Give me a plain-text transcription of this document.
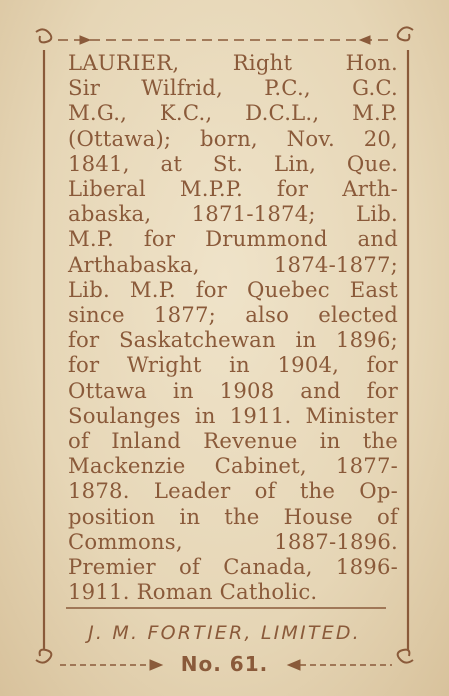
LAURIER, Right Hon.
Sir Wilfrid, P.C., G.C.
M.G., K.C., D.C.L., M.P.
(Ottawa); born, Nov. 20,
1841, at St. Lin, Que.
Liberal M.P.P. for Arth-
abaska, 1871-1874; Lib.
M.P. for Drummond and
Arthabaska, 1874-1877;
Lib. M.P. for Quebec East
since 1877; also elected
for Saskatchewan in 1896;
for Wright in 1904, for
Ottawa in 1908 and for
Soulanges in 1911. Minister
of Inland Revenue in the
Mackenzie Cabinet, 1877-
1878. Leader of the Op-
position in the House of
Commons, 1887-1896.
Premier of Canada, 1896-
1911. Roman Catholic.
J. M. FORTIER, LIMITED.
No. 61.
